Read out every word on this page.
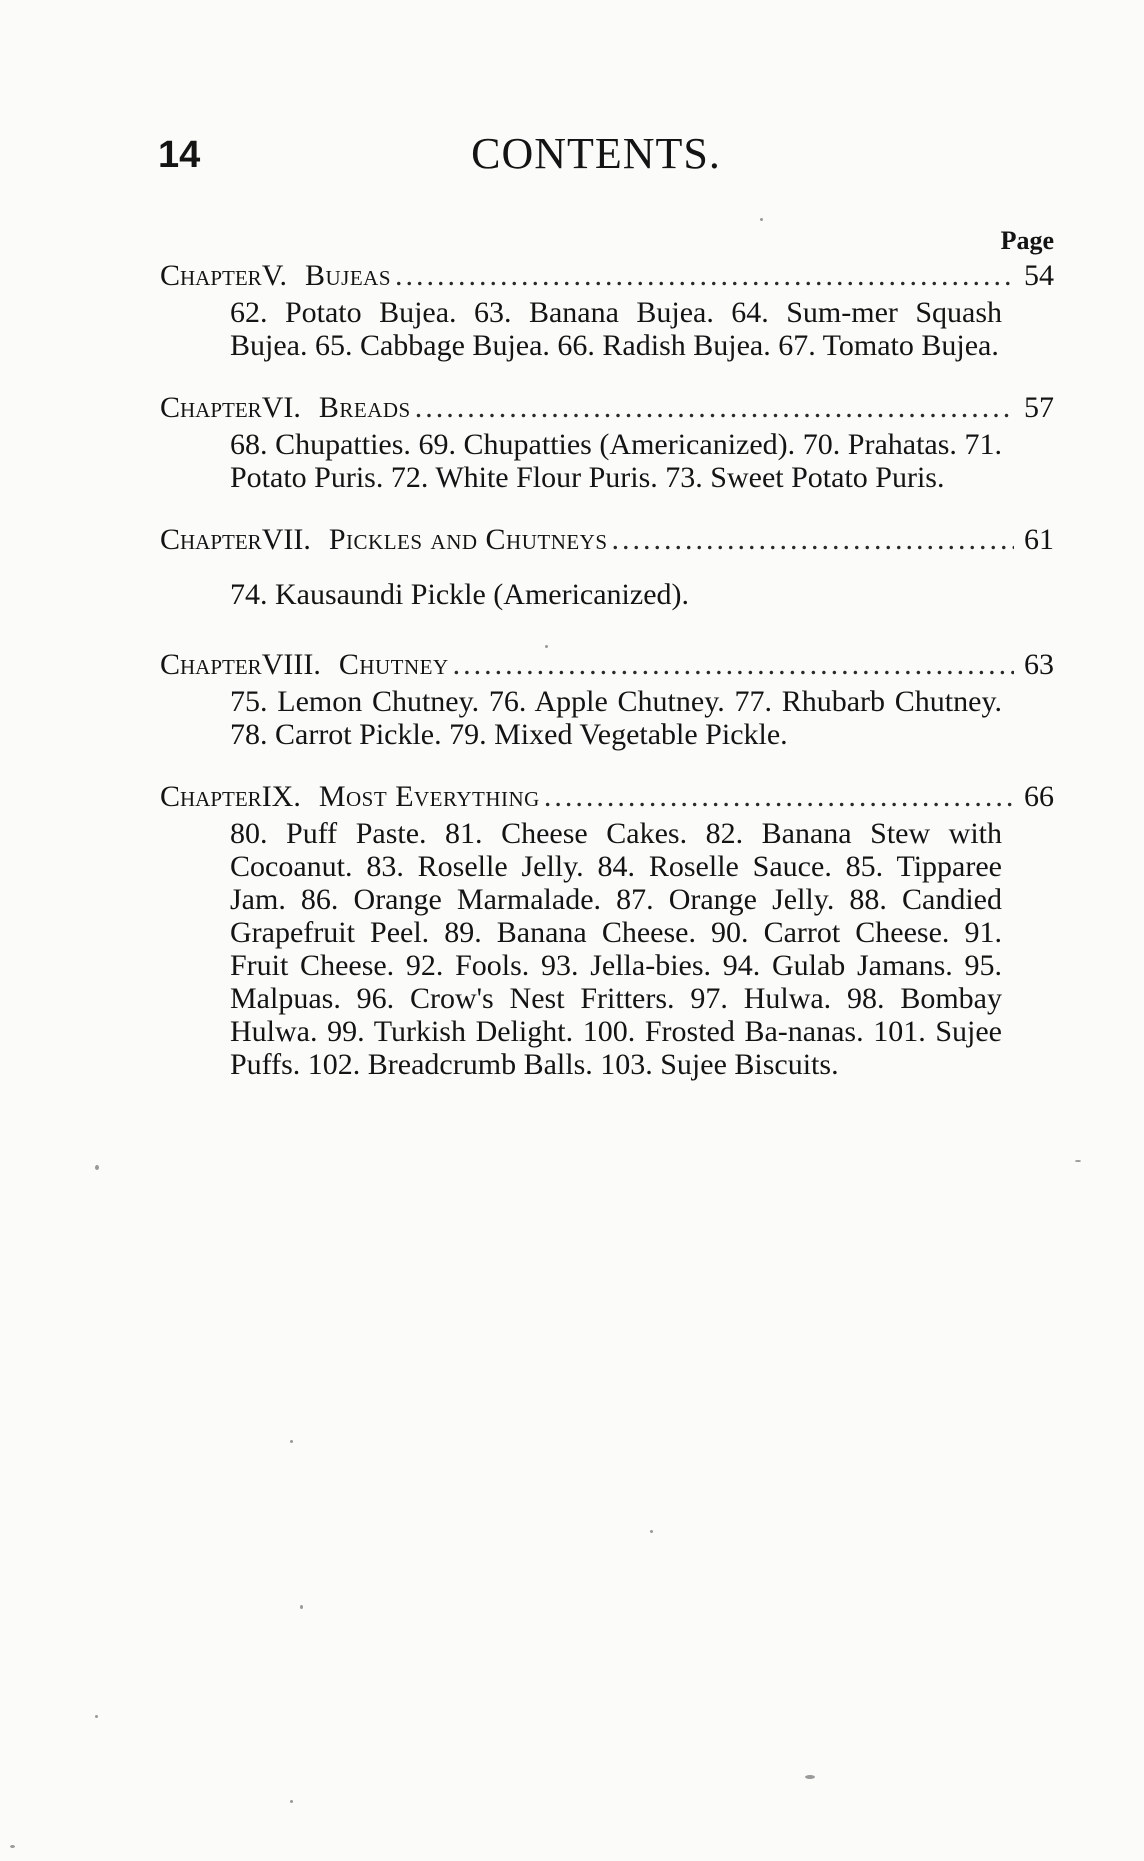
14	CONTENTS.
Page
Chapter V. Bujeas .....	54
62. Potato Bujea. 63. Banana Bujea. 64. Sum-mer Squash Bujea. 65. Cabbage Bujea. 66. Radish Bujea. 67. Tomato Bujea.
Chapter VI. Breads .....	57
68. Chupatties. 69. Chupatties (Americanized). 70. Prahatas. 71. Potato Puris. 72. White Flour Puris. 73. Sweet Potato Puris.
Chapter VII. Pickles and Chutneys .....	61
74. Kausaundi Pickle (Americanized).
Chapter VIII. Chutney .....	63
75. Lemon Chutney. 76. Apple Chutney. 77. Rhubarb Chutney. 78. Carrot Pickle. 79. Mixed Vegetable Pickle.
Chapter IX. Most Everything .....	66
80. Puff Paste. 81. Cheese Cakes. 82. Banana Stew with Cocoanut. 83. Roselle Jelly. 84. Roselle Sauce. 85. Tipparee Jam. 86. Orange Marmalade. 87. Orange Jelly. 88. Candied Grapefruit Peel. 89. Banana Cheese. 90. Carrot Cheese. 91. Fruit Cheese. 92. Fools. 93. Jella-bies. 94. Gulab Jamans. 95. Malpuas. 96. Crow's Nest Fritters. 97. Hulwa. 98. Bombay Hulwa. 99. Turkish Delight. 100. Frosted Ba-nanas. 101. Sujee Puffs. 102. Breadcrumb Balls. 103. Sujee Biscuits.
